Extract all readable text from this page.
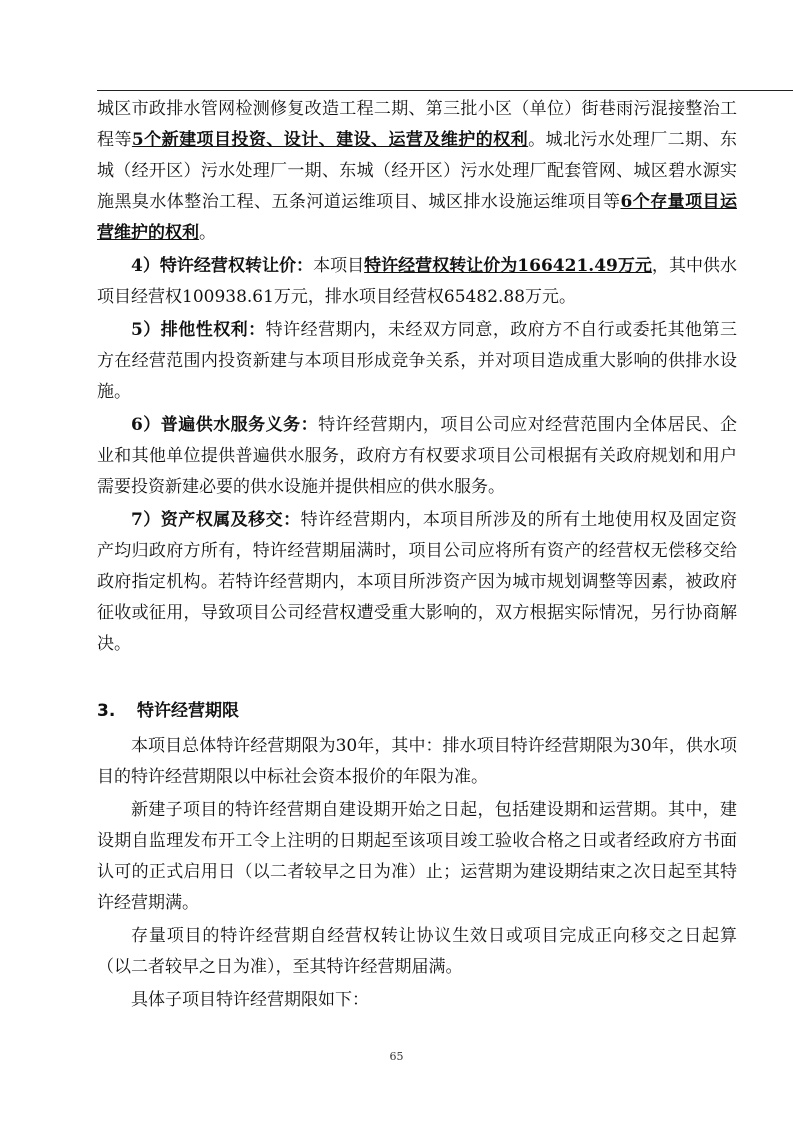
城区市政排水管网检测修复改造工程二期、第三批小区（单位）街巷雨污混接整治工程等5个新建项目投资、设计、建设、运营及维护的权利。城北污水处理厂二期、东城（经开区）污水处理厂一期、东城（经开区）污水处理厂配套管网、城区碧水源实施黑臭水体整治工程、五条河道运维项目、城区排水设施运维项目等6个存量项目运营维护的权利。

4）特许经营权转让价：本项目特许经营权转让价为166421.49万元，其中供水项目经营权100938.61万元，排水项目经营权65482.88万元。

5）排他性权利：特许经营期内，未经双方同意，政府方不自行或委托其他第三方在经营范围内投资新建与本项目形成竞争关系，并对项目造成重大影响的供排水设施。

6）普遍供水服务义务：特许经营期内，项目公司应对经营范围内全体居民、企业和其他单位提供普遍供水服务，政府方有权要求项目公司根据有关政府规划和用户需要投资新建必要的供水设施并提供相应的供水服务。

7）资产权属及移交：特许经营期内，本项目所涉及的所有土地使用权及固定资产均归政府方所有，特许经营期届满时，项目公司应将所有资产的经营权无偿移交给政府指定机构。若特许经营期内，本项目所涉资产因为城市规划调整等因素，被政府征收或征用，导致项目公司经营权遭受重大影响的，双方根据实际情况，另行协商解决。

3. 特许经营期限

本项目总体特许经营期限为30年，其中：排水项目特许经营期限为30年，供水项目的特许经营期限以中标社会资本报价的年限为准。

新建子项目的特许经营期自建设期开始之日起，包括建设期和运营期。其中，建设期自监理发布开工令上注明的日期起至该项目竣工验收合格之日或者经政府方书面认可的正式启用日（以二者较早之日为准）止；运营期为建设期结束之次日起至其特许经营期满。

存量项目的特许经营期自经营权转让协议生效日或项目完成正向移交之日起算（以二者较早之日为准），至其特许经营期届满。

具体子项目特许经营期限如下：

65
